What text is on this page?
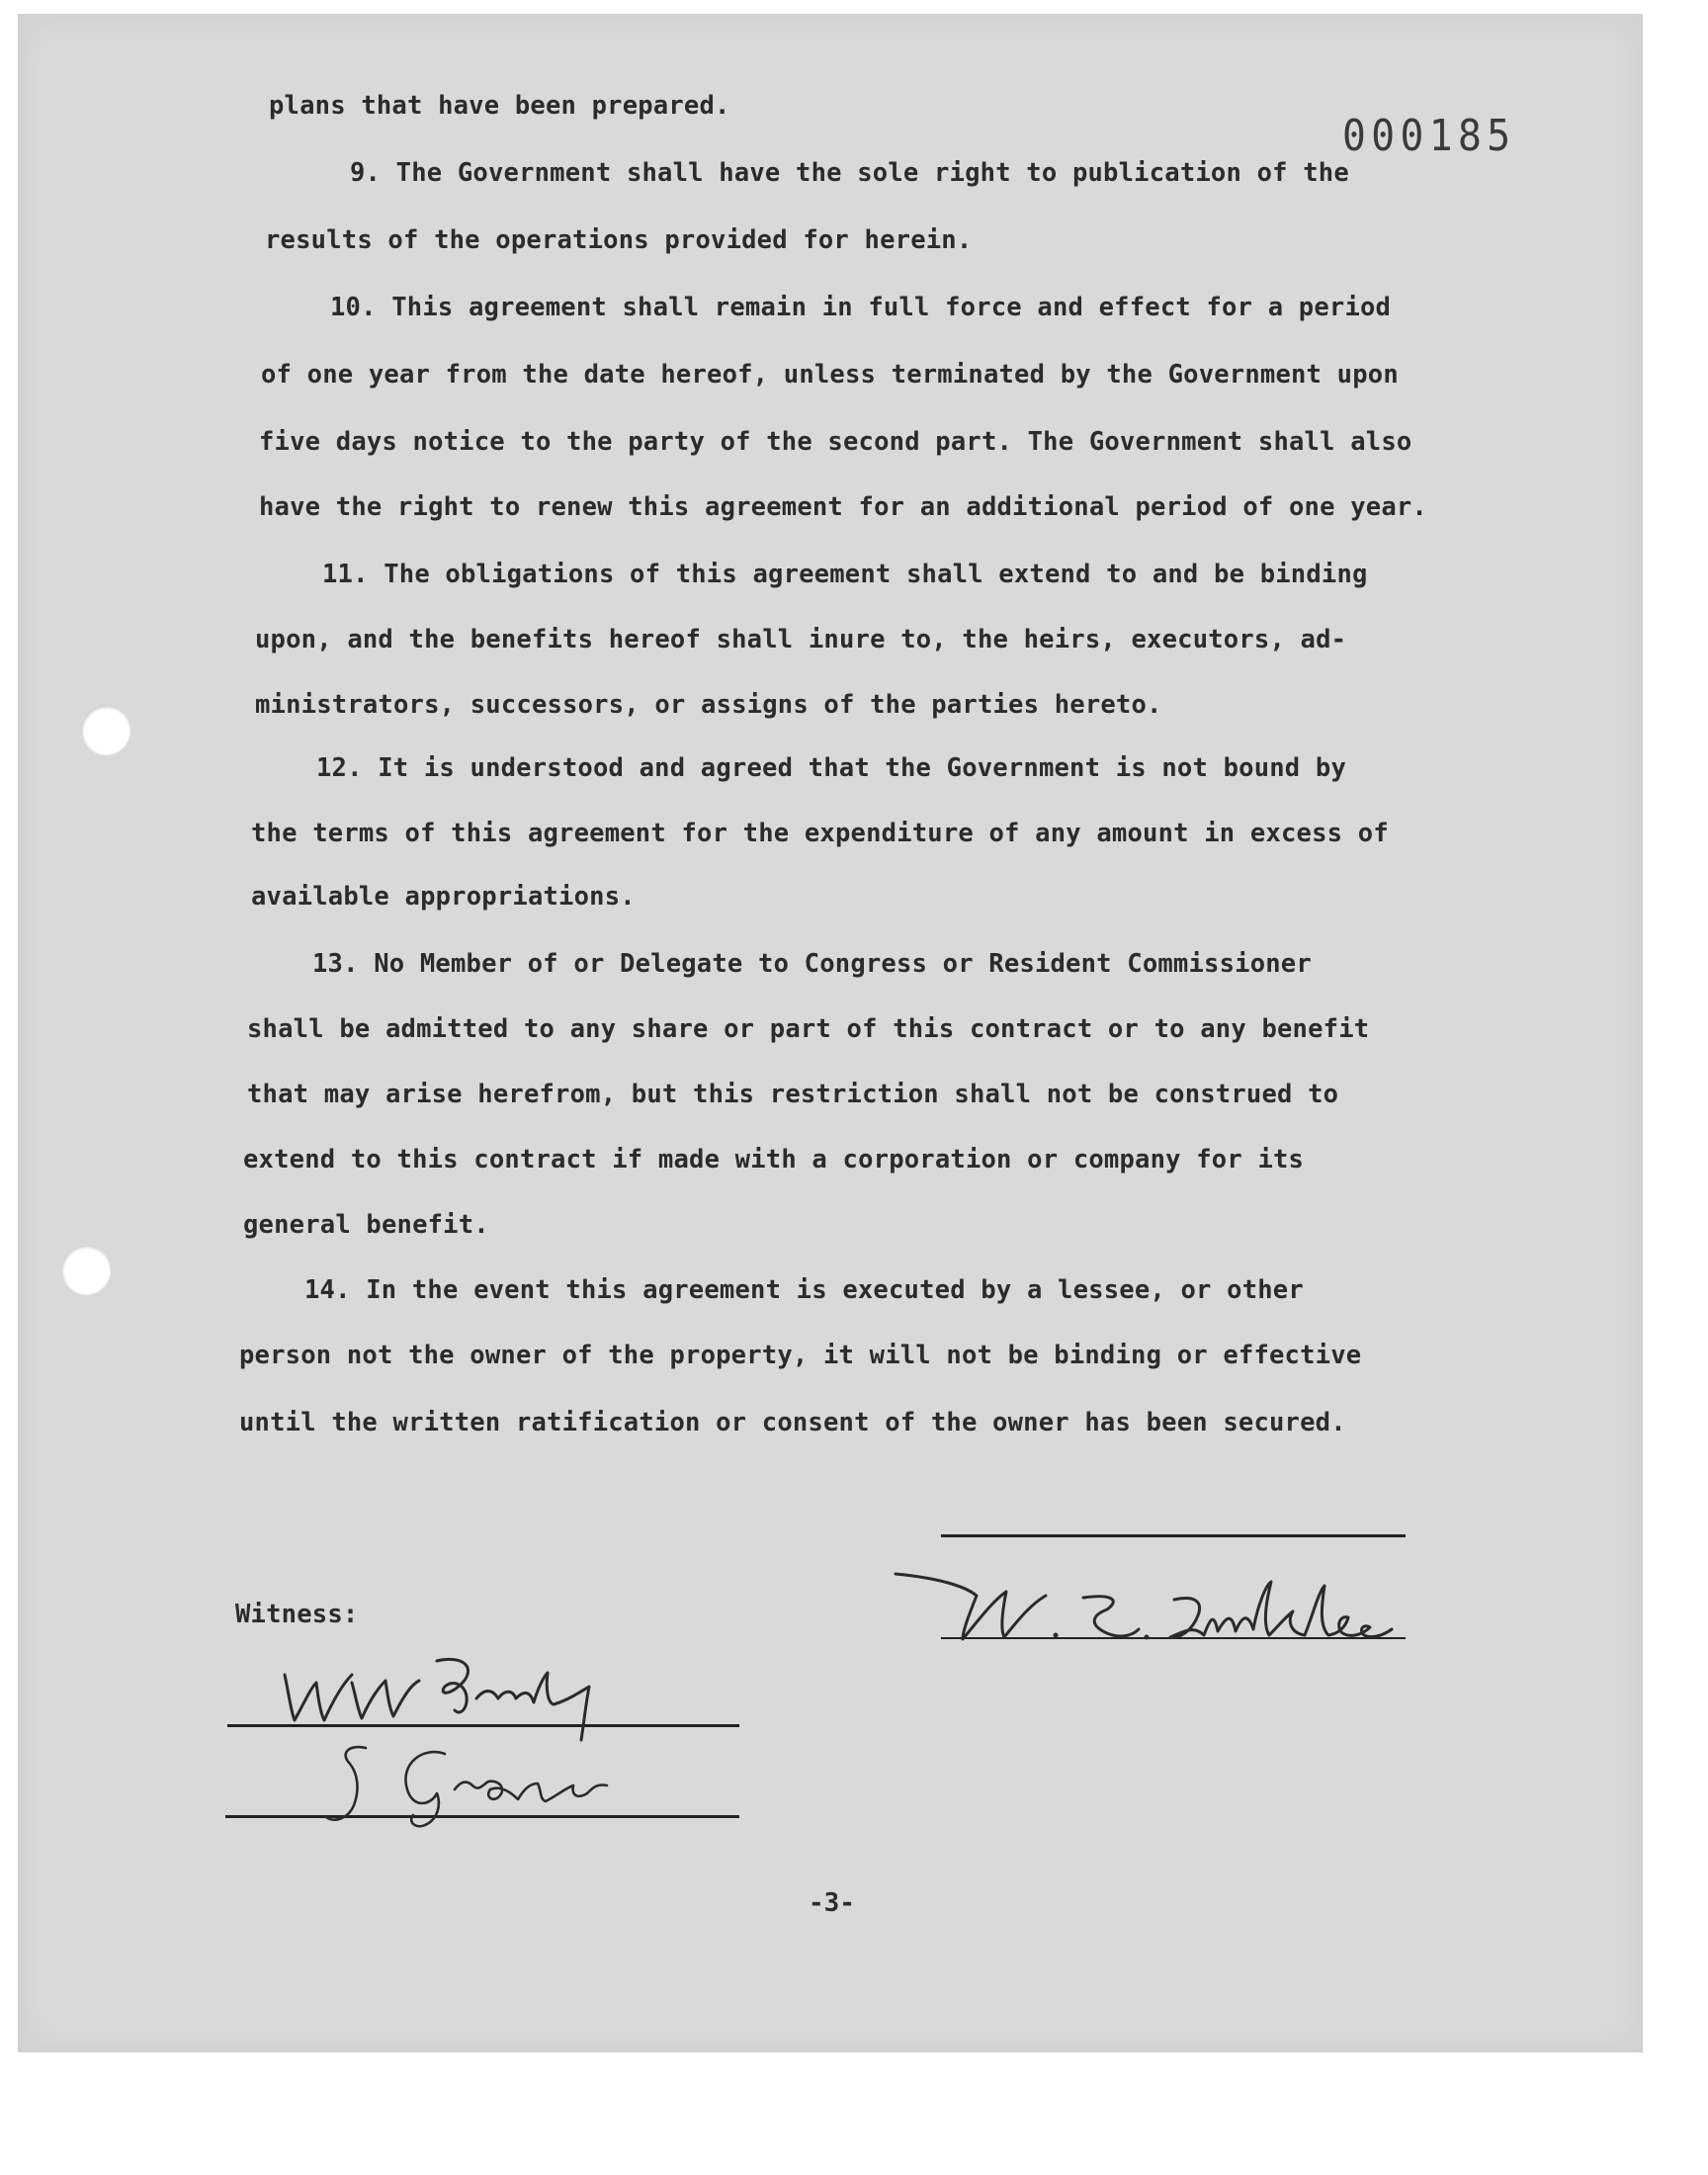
000185
plans that have been prepared.
9. The Government shall have the sole right to publication of the
results of the operations provided for herein.
10. This agreement shall remain in full force and effect for a period
of one year from the date hereof, unless terminated by the Government upon
five days notice to the party of the second part. The Government shall also
have the right to renew this agreement for an additional period of one year.
11. The obligations of this agreement shall extend to and be binding
upon, and the benefits hereof shall inure to, the heirs, executors, ad-
ministrators, successors, or assigns of the parties hereto.
12. It is understood and agreed that the Government is not bound by
the terms of this agreement for the expenditure of any amount in excess of
available appropriations.
13. No Member of or Delegate to Congress or Resident Commissioner
shall be admitted to any share or part of this contract or to any benefit
that may arise herefrom, but this restriction shall not be construed to
extend to this contract if made with a corporation or company for its
general benefit.
14. In the event this agreement is executed by a lessee, or other
person not the owner of the property, it will not be binding or effective
until the written ratification or consent of the owner has been secured.
Witness:
-3-
